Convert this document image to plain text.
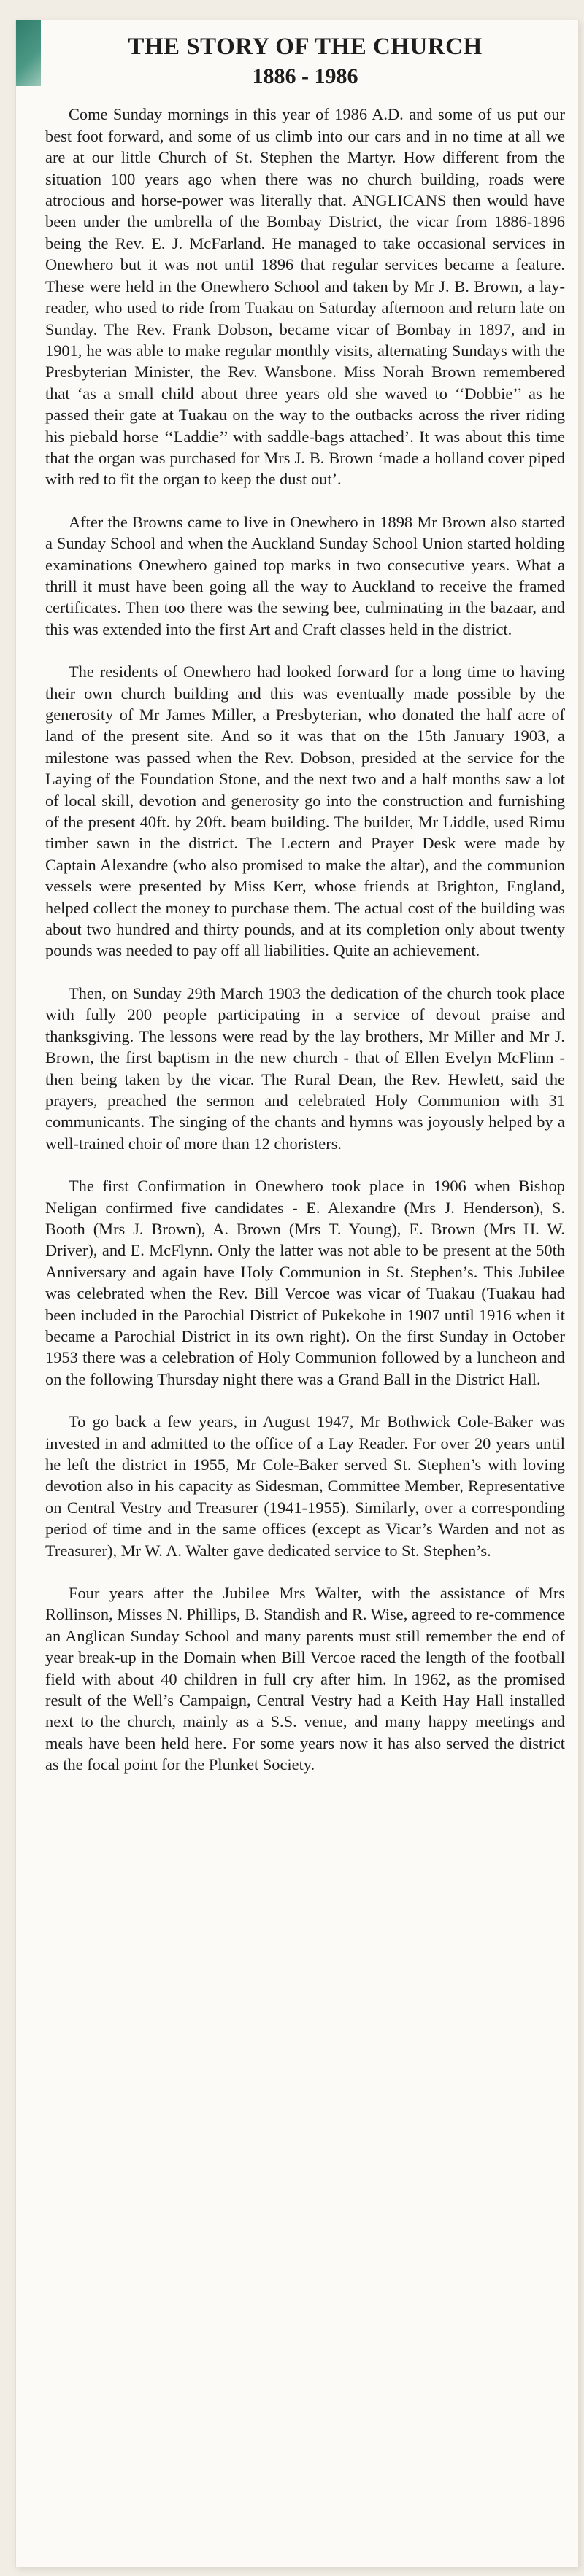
THE STORY OF THE CHURCH
1886 - 1986

Come Sunday mornings in this year of 1986 A.D. and some of us put our best foot forward, and some of us climb into our cars and in no time at all we are at our little Church of St. Stephen the Martyr. How different from the situation 100 years ago when there was no church building, roads were atrocious and horse-power was literally that. ANGLICANS then would have been under the umbrella of the Bombay District, the vicar from 1886-1896 being the Rev. E. J. McFarland. He managed to take occasional services in Onewhero but it was not until 1896 that regular services became a feature. These were held in the Onewhero School and taken by Mr J. B. Brown, a lay-reader, who used to ride from Tuakau on Saturday afternoon and return late on Sunday. The Rev. Frank Dobson, became vicar of Bombay in 1897, and in 1901, he was able to make regular monthly visits, alternating Sundays with the Presbyterian Minister, the Rev. Wansbone. Miss Norah Brown remembered that ‘as a small child about three years old she waved to ‘‘Dobbie’’ as he passed their gate at Tuakau on the way to the outbacks across the river riding his piebald horse ‘‘Laddie’’ with saddle-bags attached’. It was about this time that the organ was purchased for Mrs J. B. Brown ‘made a holland cover piped with red to fit the organ to keep the dust out’.

After the Browns came to live in Onewhero in 1898 Mr Brown also started a Sunday School and when the Auckland Sunday School Union started holding examinations Onewhero gained top marks in two consecutive years. What a thrill it must have been going all the way to Auckland to receive the framed certificates. Then too there was the sewing bee, culminating in the bazaar, and this was extended into the first Art and Craft classes held in the district.

The residents of Onewhero had looked forward for a long time to having their own church building and this was eventually made possible by the generosity of Mr James Miller, a Presbyterian, who donated the half acre of land of the present site. And so it was that on the 15th January 1903, a milestone was passed when the Rev. Dobson, presided at the service for the Laying of the Foundation Stone, and the next two and a half months saw a lot of local skill, devotion and generosity go into the construction and furnishing of the present 40ft. by 20ft. beam building. The builder, Mr Liddle, used Rimu timber sawn in the district. The Lectern and Prayer Desk were made by Captain Alexandre (who also promised to make the altar), and the communion vessels were presented by Miss Kerr, whose friends at Brighton, England, helped collect the money to purchase them. The actual cost of the building was about two hundred and thirty pounds, and at its completion only about twenty pounds was needed to pay off all liabilities. Quite an achievement.

Then, on Sunday 29th March 1903 the dedication of the church took place with fully 200 people participating in a service of devout praise and thanksgiving. The lessons were read by the lay brothers, Mr Miller and Mr J. Brown, the first baptism in the new church - that of Ellen Evelyn McFlinn - then being taken by the vicar. The Rural Dean, the Rev. Hewlett, said the prayers, preached the sermon and celebrated Holy Communion with 31 communicants. The singing of the chants and hymns was joyously helped by a well-trained choir of more than 12 choristers.

The first Confirmation in Onewhero took place in 1906 when Bishop Neligan confirmed five candidates - E. Alexandre (Mrs J. Henderson), S. Booth (Mrs J. Brown), A. Brown (Mrs T. Young), E. Brown (Mrs H. W. Driver), and E. McFlynn. Only the latter was not able to be present at the 50th Anniversary and again have Holy Communion in St. Stephen’s. This Jubilee was celebrated when the Rev. Bill Vercoe was vicar of Tuakau (Tuakau had been included in the Parochial District of Pukekohe in 1907 until 1916 when it became a Parochial District in its own right). On the first Sunday in October 1953 there was a celebration of Holy Communion followed by a luncheon and on the following Thursday night there was a Grand Ball in the District Hall.

To go back a few years, in August 1947, Mr Bothwick Cole-Baker was invested in and admitted to the office of a Lay Reader. For over 20 years until he left the district in 1955, Mr Cole-Baker served St. Stephen’s with loving devotion also in his capacity as Sidesman, Committee Member, Representative on Central Vestry and Treasurer (1941-1955). Similarly, over a corresponding period of time and in the same offices (except as Vicar’s Warden and not as Treasurer), Mr W. A. Walter gave dedicated service to St. Stephen’s.

Four years after the Jubilee Mrs Walter, with the assistance of Mrs Rollinson, Misses N. Phillips, B. Standish and R. Wise, agreed to re-commence an Anglican Sunday School and many parents must still remember the end of year break-up in the Domain when Bill Vercoe raced the length of the football field with about 40 children in full cry after him. In 1962, as the promised result of the Well’s Campaign, Central Vestry had a Keith Hay Hall installed next to the church, mainly as a S.S. venue, and many happy meetings and meals have been held here. For some years now it has also served the district as the focal point for the Plunket Society.
